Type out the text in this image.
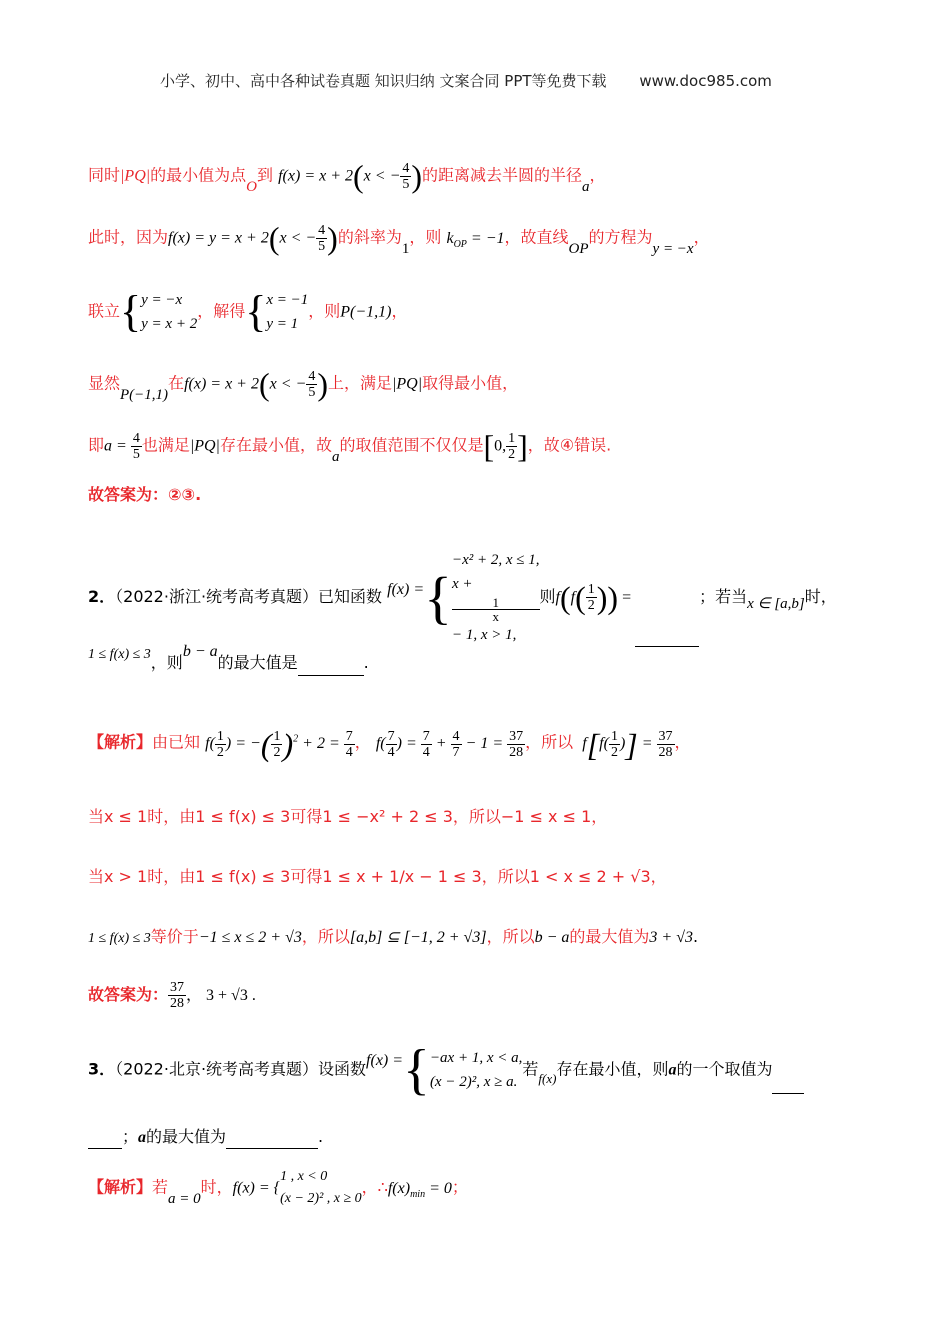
小学、初中、高中各种试卷真题 知识归纳 文案合同 PPT等免费下载 www.doc985.com
同时|PQ|的最小值为点O到 f(x) = x + 2(x < − $\frac{4}{5}$ )的距离减去半圆的半径a，
此时，因为f(x) = y = x + 2(x < − $\frac{4}{5}$ )的斜率为1，则 $k_{OP} = -1$，故直线OP的方程为y = −x，
联立{ y = −x
y = x + 2
，解得{ x = −1
y = 1
，则P(−1,1)，
显然P(−1,1)在f(x) = x + 2(x < − $\frac{4}{5}$ )上，满足|PQ|取得最小值，
即$a = \frac{4}{5}$ 也满足|PQ|存在最小值，故a的取值范围不仅仅是[0, $\frac{1}{2}$ ]，故④错误.
故答案为：②③.
2．（2022·浙江·统考高考真题）已知函数 f(x) ={
−x² + 2, x ≤ 1,
x +
1
x
− 1, x > 1,
则$f(f( \frac{1}{2}$ )) =	；若当x ∈ [a,b]时，
1 ≤ f(x) ≤ 3，则b − a的最大值是	.
【解析】由已知 $f( \frac{1}{2}$ ) = −( $\frac{1}{2} )^2 + 2 = \frac{7}{4}$ ， $f( \frac{7}{4}$ ) = $\frac{7}{4} + \frac{4}{7} - 1 = \frac{37}{28}$ ，所以  $f[f( \frac{1}{2}$ )] = $\frac{37}{28}$ ，
当x ≤ 1时，由1 ≤ f(x) ≤ 3可得1 ≤ −x² + 2 ≤ 3，所以−1 ≤ x ≤ 1，
当x > 1时，由1 ≤ f(x) ≤ 3可得1 ≤ x + 1/x − 1 ≤ 3，所以1 < x ≤ 2 + √3，
1 ≤ f(x) ≤ 3等价于−1 ≤ x ≤ 2 + √3，所以[a,b] ⊆ [−1, 2 + √3]，所以b − a的最大值为3 + √3.
故答案为： $\frac{37}{28}$ ， 3 + √3 .
3．（2022·北京·统考高考真题）设函数f(x) ={ −ax + 1, x < a,
(x − 2)², x ≥ a.
若$_{f(x)}$存在最小值，则a的一个取值为
；a的最大值为	.
【解析】若a = 0时，f(x) = {
1 , x < 0
(x − 2)² , x ≥ 0
，$\therefore f(x)_{min} = 0$；
